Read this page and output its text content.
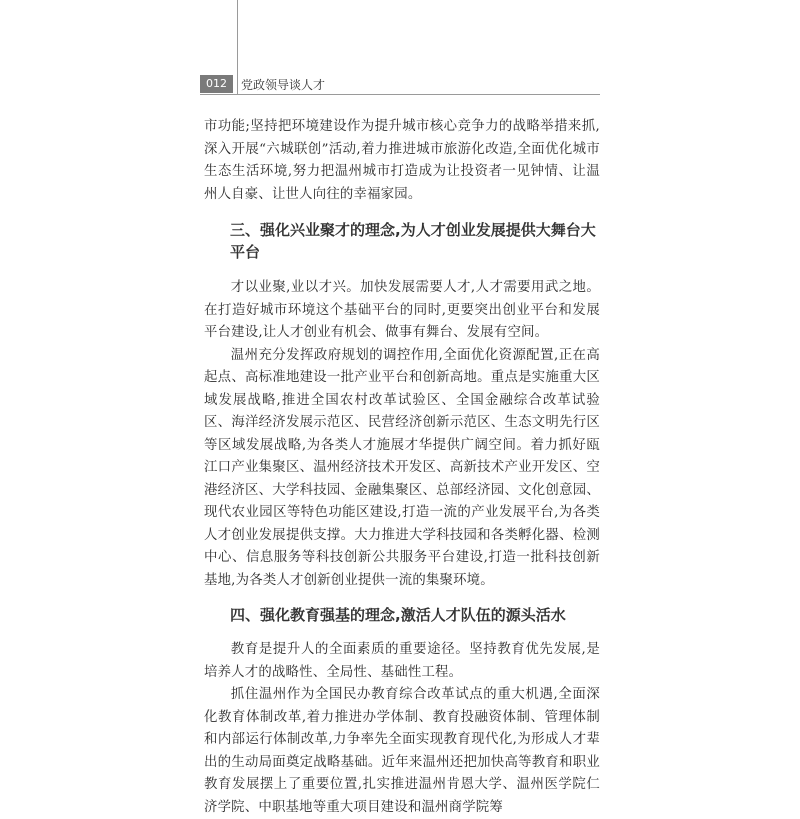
012	党政领导谈人才

市功能;坚持把环境建设作为提升城市核心竞争力的战略举措来抓,深入开展“六城联创”活动,着力推进城市旅游化改造,全面优化城市生态生活环境,努力把温州城市打造成为让投资者一见钟情、让温州人自豪、让世人向往的幸福家园。

三、强化兴业聚才的理念,为人才创业发展提供大舞台大平台

才以业聚,业以才兴。加快发展需要人才,人才需要用武之地。在打造好城市环境这个基础平台的同时,更要突出创业平台和发展平台建设,让人才创业有机会、做事有舞台、发展有空间。

温州充分发挥政府规划的调控作用,全面优化资源配置,正在高起点、高标准地建设一批产业平台和创新高地。重点是实施重大区域发展战略,推进全国农村改革试验区、全国金融综合改革试验区、海洋经济发展示范区、民营经济创新示范区、生态文明先行区等区域发展战略,为各类人才施展才华提供广阔空间。着力抓好瓯江口产业集聚区、温州经济技术开发区、高新技术产业开发区、空港经济区、大学科技园、金融集聚区、总部经济园、文化创意园、现代农业园区等特色功能区建设,打造一流的产业发展平台,为各类人才创业发展提供支撑。大力推进大学科技园和各类孵化器、检测中心、信息服务等科技创新公共服务平台建设,打造一批科技创新基地,为各类人才创新创业提供一流的集聚环境。

四、强化教育强基的理念,激活人才队伍的源头活水

教育是提升人的全面素质的重要途径。坚持教育优先发展,是培养人才的战略性、全局性、基础性工程。

抓住温州作为全国民办教育综合改革试点的重大机遇,全面深化教育体制改革,着力推进办学体制、教育投融资体制、管理体制和内部运行体制改革,力争率先全面实现教育现代化,为形成人才辈出的生动局面奠定战略基础。近年来温州还把加快高等教育和职业教育发展摆上了重要位置,扎实推进温州肯恩大学、温州医学院仁济学院、中职基地等重大项目建设和温州商学院筹
